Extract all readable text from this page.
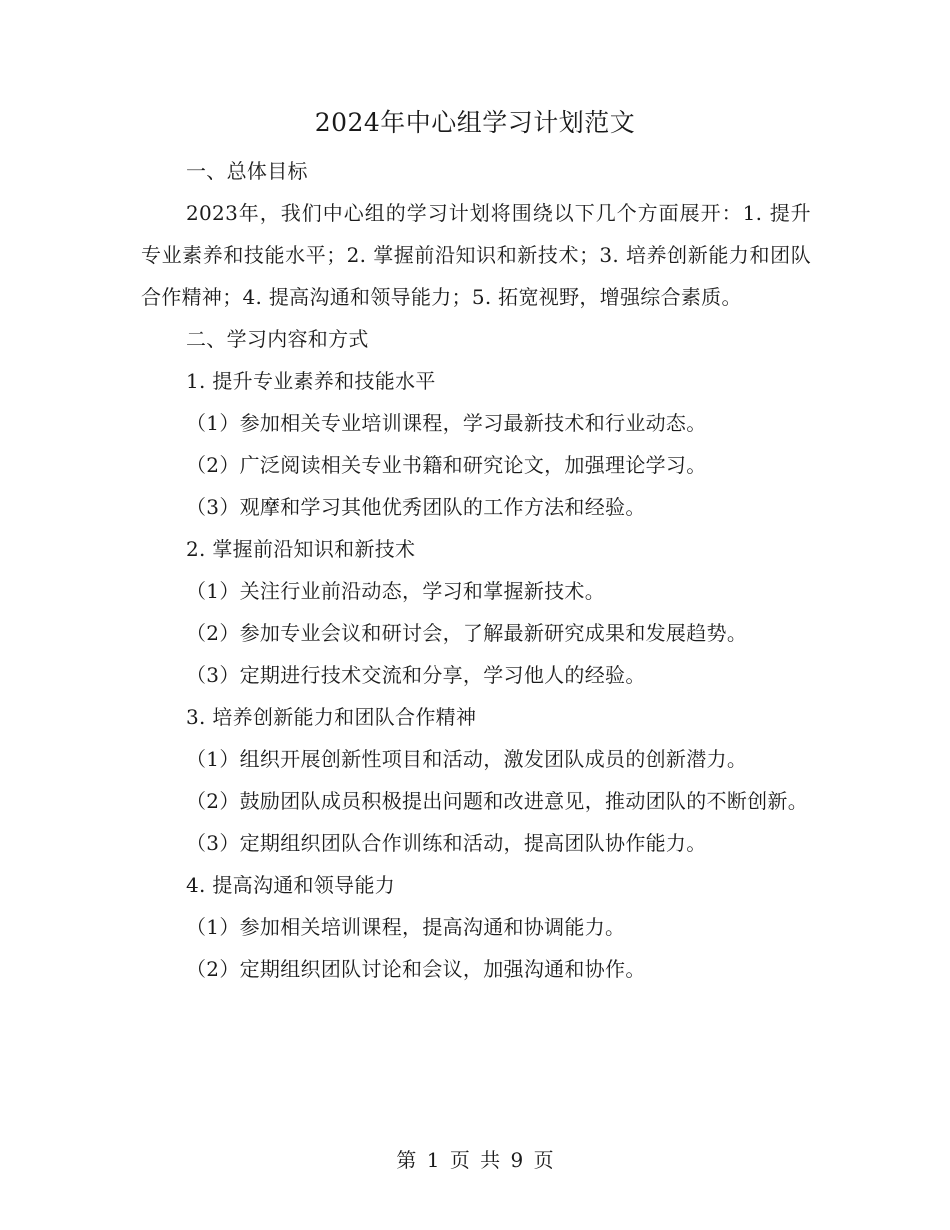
2024年中心组学习计划范文

一、总体目标

2023年，我们中心组的学习计划将围绕以下几个方面展开：1. 提升专业素养和技能水平；2. 掌握前沿知识和新技术；3. 培养创新能力和团队合作精神；4. 提高沟通和领导能力；5. 拓宽视野，增强综合素质。

二、学习内容和方式

1. 提升专业素养和技能水平

（1）参加相关专业培训课程，学习最新技术和行业动态。

（2）广泛阅读相关专业书籍和研究论文，加强理论学习。

（3）观摩和学习其他优秀团队的工作方法和经验。

2. 掌握前沿知识和新技术

（1）关注行业前沿动态，学习和掌握新技术。

（2）参加专业会议和研讨会，了解最新研究成果和发展趋势。

（3）定期进行技术交流和分享，学习他人的经验。

3. 培养创新能力和团队合作精神

（1）组织开展创新性项目和活动，激发团队成员的创新潜力。

（2）鼓励团队成员积极提出问题和改进意见，推动团队的不断创新。

（3）定期组织团队合作训练和活动，提高团队协作能力。

4. 提高沟通和领导能力

（1）参加相关培训课程，提高沟通和协调能力。

（2）定期组织团队讨论和会议，加强沟通和协作。

第 1 页 共 9 页
